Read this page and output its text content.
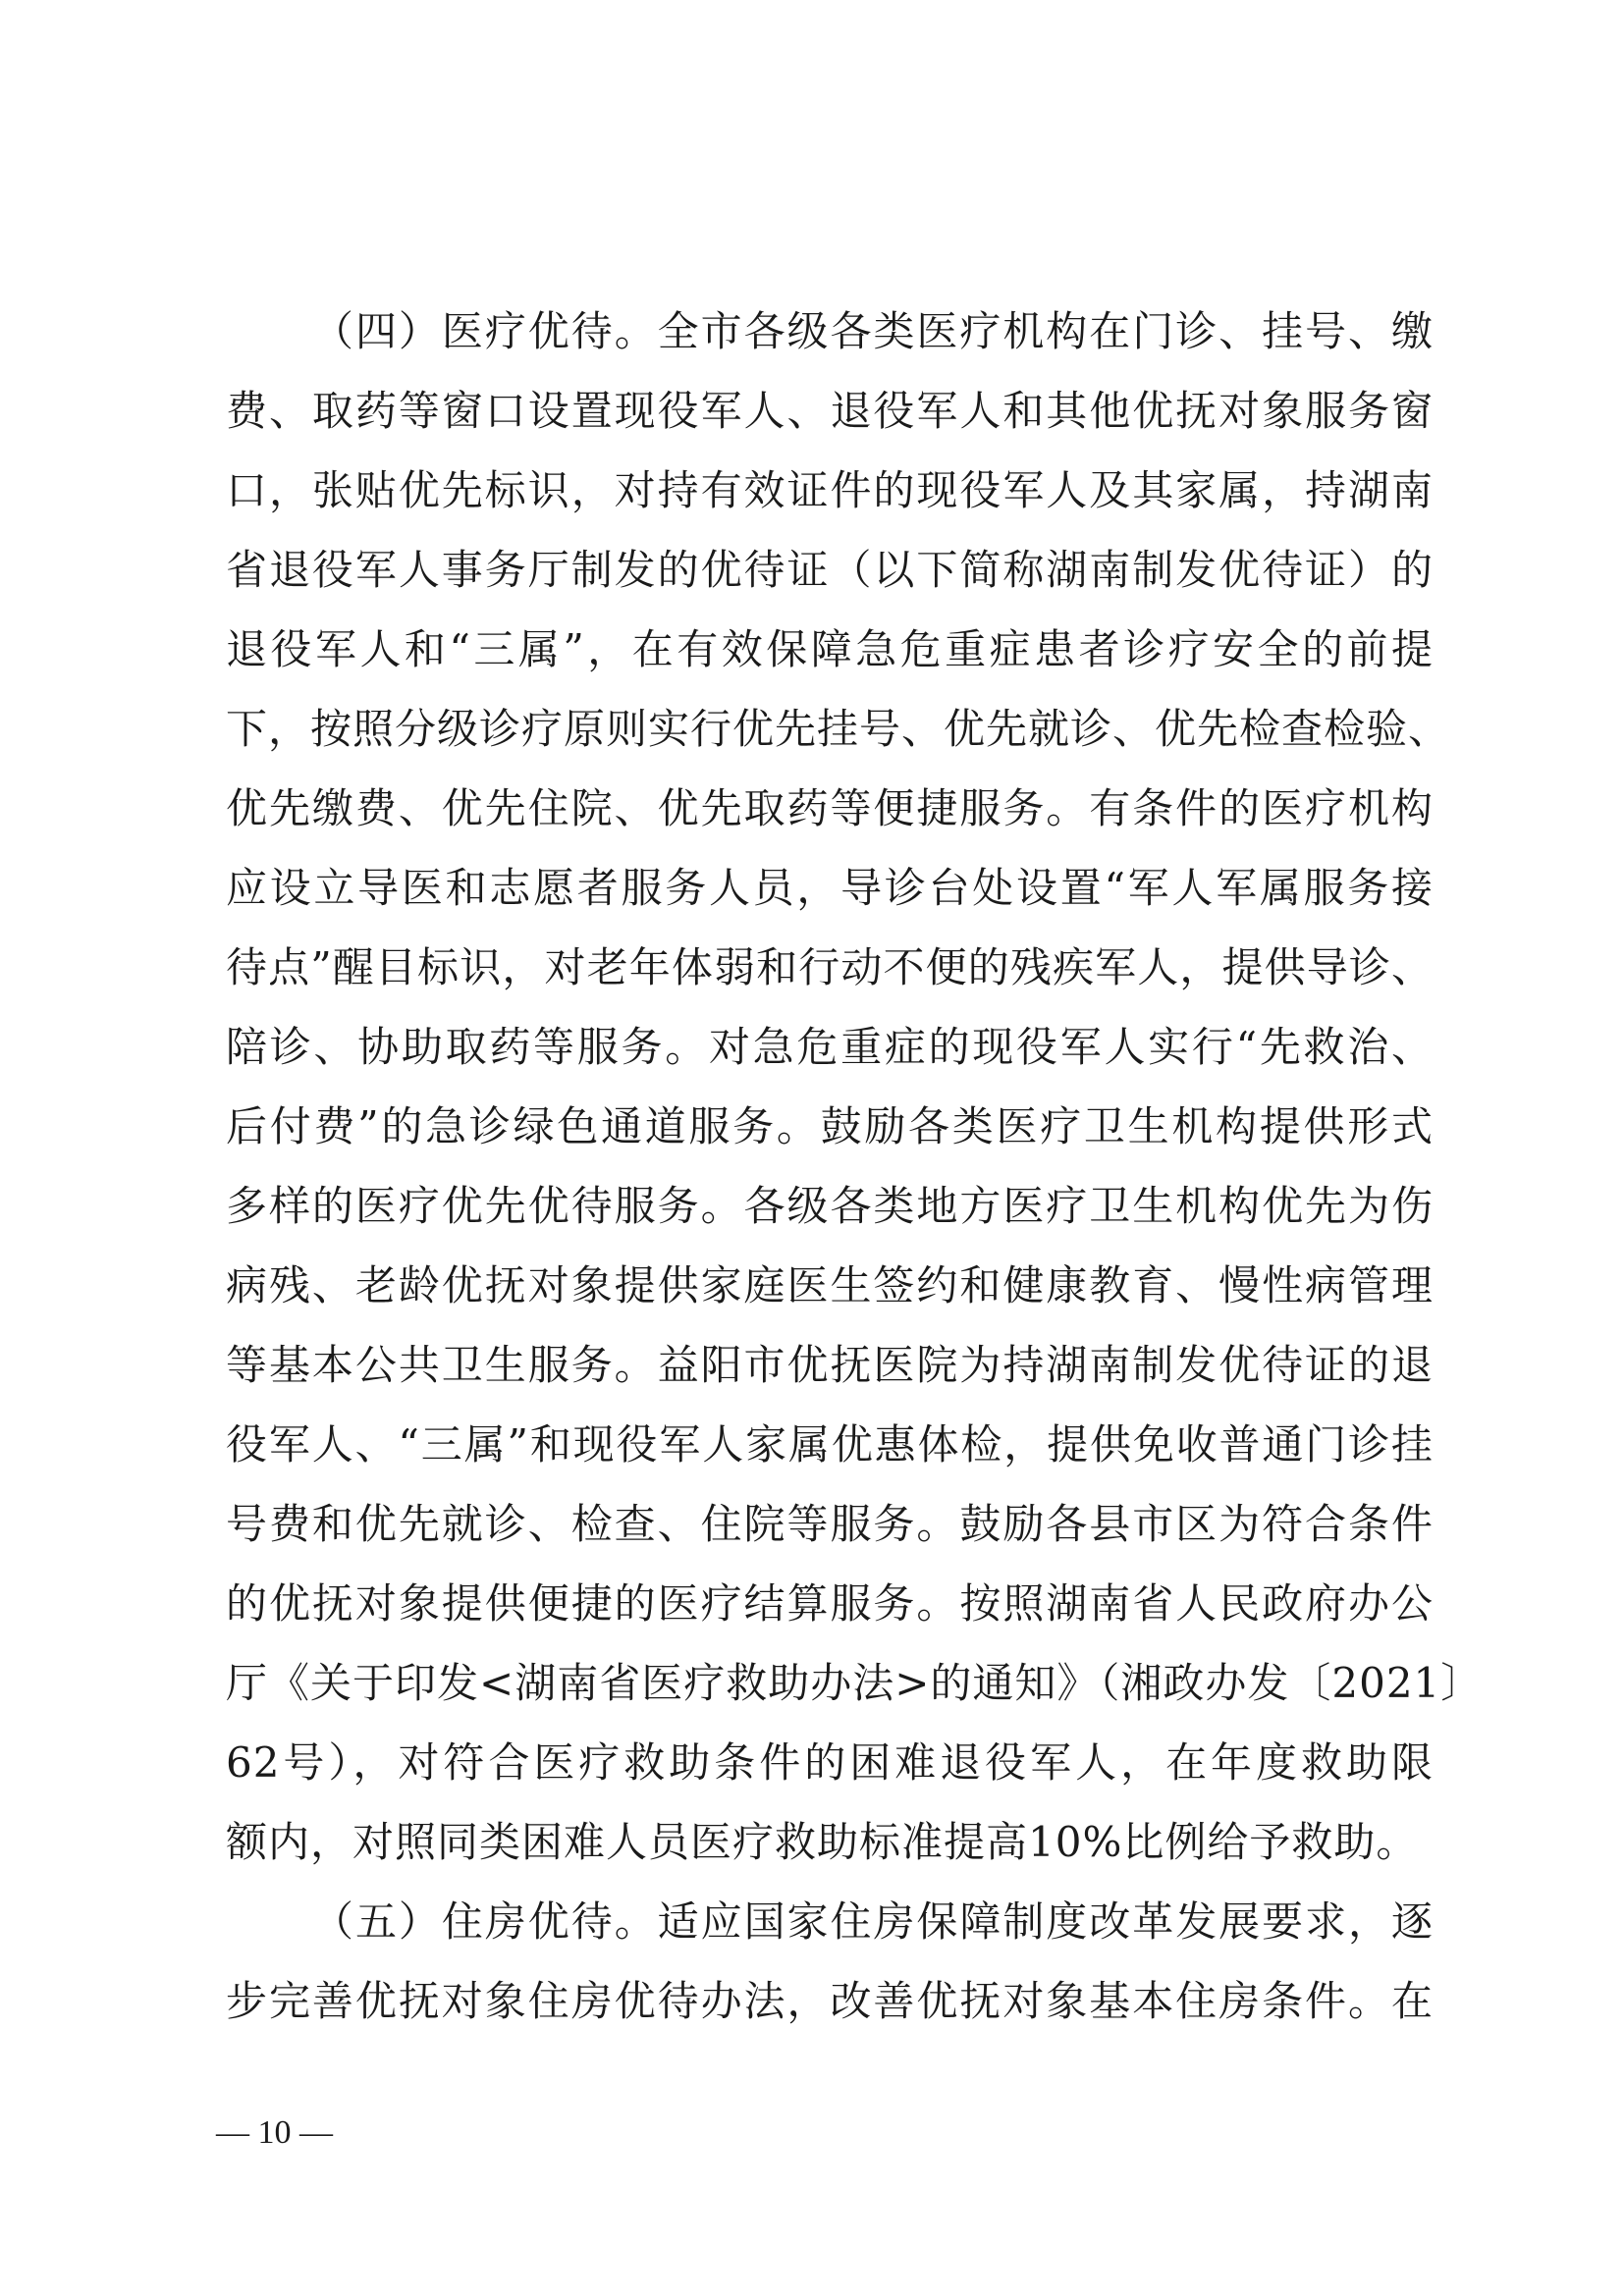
（四）医疗优待。全市各级各类医疗机构在门诊、挂号、缴
费、取药等窗口设置现役军人、退役军人和其他优抚对象服务窗
口，张贴优先标识，对持有效证件的现役军人及其家属，持湖南
省退役军人事务厅制发的优待证（以下简称湖南制发优待证）的
退役军人和“三属”，在有效保障急危重症患者诊疗安全的前提
下，按照分级诊疗原则实行优先挂号、优先就诊、优先检查检验、
优先缴费、优先住院、优先取药等便捷服务。有条件的医疗机构
应设立导医和志愿者服务人员，导诊台处设置“军人军属服务接
待点”醒目标识，对老年体弱和行动不便的残疾军人，提供导诊、
陪诊、协助取药等服务。对急危重症的现役军人实行“先救治、
后付费”的急诊绿色通道服务。鼓励各类医疗卫生机构提供形式
多样的医疗优先优待服务。各级各类地方医疗卫生机构优先为伤
病残、老龄优抚对象提供家庭医生签约和健康教育、慢性病管理
等基本公共卫生服务。益阳市优抚医院为持湖南制发优待证的退
役军人、“三属”和现役军人家属优惠体检，提供免收普通门诊挂
号费和优先就诊、检查、住院等服务。鼓励各县市区为符合条件
的优抚对象提供便捷的医疗结算服务。按照湖南省人民政府办公
厅《关于印发<湖南省医疗救助办法>的通知》（湘政办发〔2021〕
62号），对符合医疗救助条件的困难退役军人，在年度救助限
额内，对照同类困难人员医疗救助标准提高10%比例给予救助。
（五）住房优待。适应国家住房保障制度改革发展要求，逐
步完善优抚对象住房优待办法，改善优抚对象基本住房条件。在
— 10 —
